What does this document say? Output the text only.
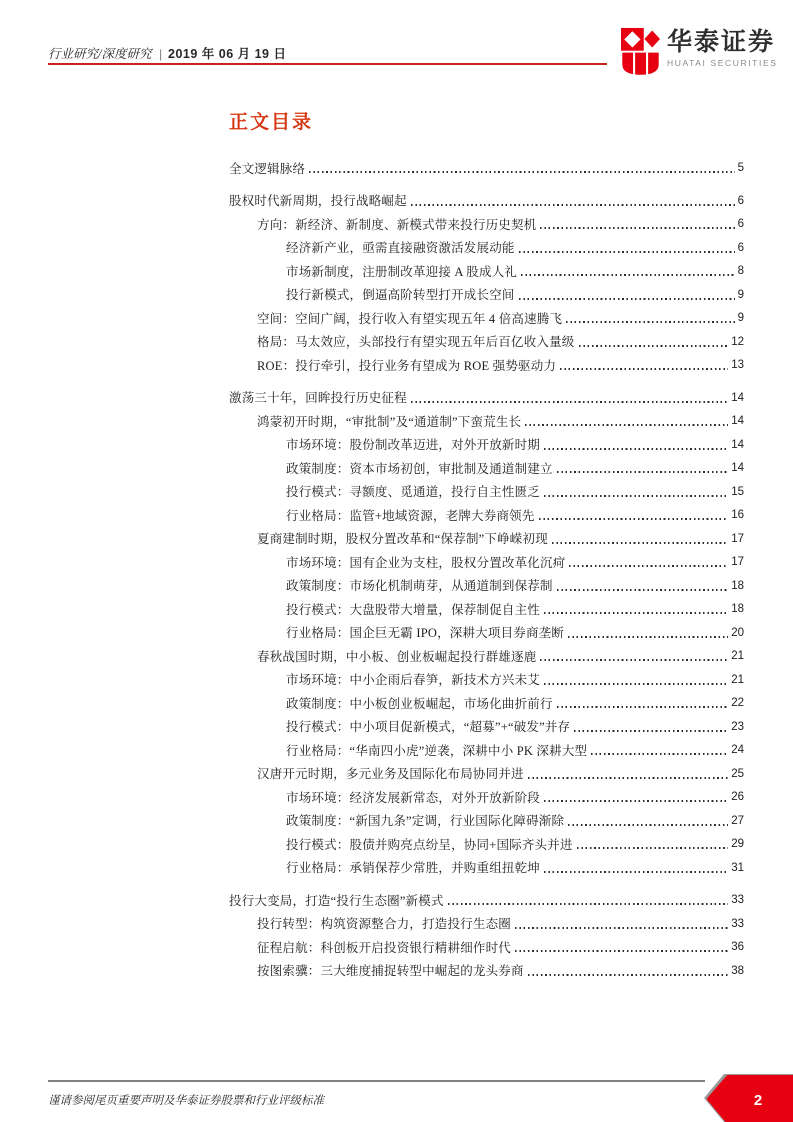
行业研究/深度研究 | 2019 年 06 月 19 日	华泰证券
HUATAI SECURITIES
正文目录
全文逻辑脉络	5
股权时代新周期，投行战略崛起	6
方向：新经济、新制度、新模式带来投行历史契机	6
经济新产业，亟需直接融资激活发展动能	6
市场新制度，注册制改革迎接 A 股成人礼	8
投行新模式，倒逼高阶转型打开成长空间	9
空间：空间广阔，投行收入有望实现五年 4 倍高速腾飞	9
格局：马太效应，头部投行有望实现五年后百亿收入量级	12
ROE：投行牵引，投行业务有望成为 ROE 强势驱动力	13
激荡三十年，回眸投行历史征程	14
鸿蒙初开时期，“审批制”及“通道制”下蛮荒生长	14
市场环境：股份制改革迈进，对外开放新时期	14
政策制度：资本市场初创，审批制及通道制建立	14
投行模式：寻额度、觅通道，投行自主性匮乏	15
行业格局：监管+地域资源，老牌大券商领先	16
夏商建制时期，股权分置改革和“保荐制”下峥嵘初现	17
市场环境：国有企业为支柱，股权分置改革化沉疴	17
政策制度：市场化机制萌芽，从通道制到保荐制	18
投行模式：大盘股带大增量，保荐制促自主性	18
行业格局：国企巨无霸 IPO，深耕大项目券商垄断	20
春秋战国时期，中小板、创业板崛起投行群雄逐鹿	21
市场环境：中小企雨后春笋，新技术方兴未艾	21
政策制度：中小板创业板崛起，市场化曲折前行	22
投行模式：中小项目促新模式，“超募”+“破发”并存	23
行业格局：“华南四小虎”逆袭，深耕中小 PK 深耕大型	24
汉唐开元时期，多元业务及国际化布局协同并进	25
市场环境：经济发展新常态，对外开放新阶段	26
政策制度：“新国九条”定调，行业国际化障碍渐除	27
投行模式：股债并购亮点纷呈，协同+国际齐头并进	29
行业格局：承销保荐少常胜，并购重组扭乾坤	31
投行大变局，打造“投行生态圈”新模式	33
投行转型：构筑资源整合力，打造投行生态圈	33
征程启航：科创板开启投资银行精耕细作时代	36
按图索骥：三大维度捕捉转型中崛起的龙头券商	38
谨请参阅尾页重要声明及华泰证券股票和行业评级标准	2
